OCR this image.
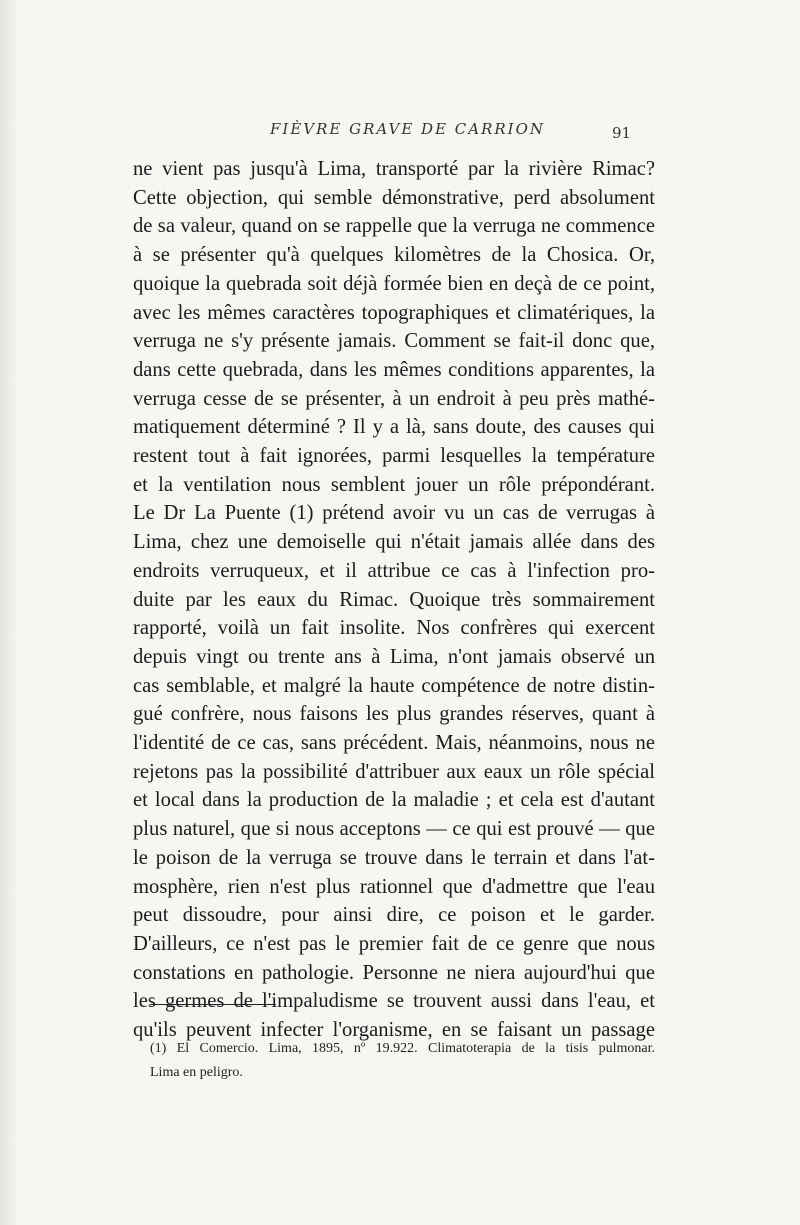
FIÈVRE GRAVE DE CARRION	91
ne vient pas jusqu'à Lima, transporté par la rivière Rimac?
Cette objection, qui semble démonstrative, perd absolument
de sa valeur, quand on se rappelle que la verruga ne commence
à se présenter qu'à quelques kilomètres de la Chosica. Or,
quoique la quebrada soit déjà formée bien en deçà de ce point,
avec les mêmes caractères topographiques et climatériques, la
verruga ne s'y présente jamais. Comment se fait-il donc que,
dans cette quebrada, dans les mêmes conditions apparentes, la
verruga cesse de se présenter, à un endroit à peu près mathé-
matiquement déterminé ? Il y a là, sans doute, des causes qui
restent tout à fait ignorées, parmi lesquelles la température
et la ventilation nous semblent jouer un rôle prépondérant.
Le Dr La Puente (1) prétend avoir vu un cas de verrugas à
Lima, chez une demoiselle qui n'était jamais allée dans des
endroits verruqueux, et il attribue ce cas à l'infection pro-
duite par les eaux du Rimac. Quoique très sommairement
rapporté, voilà un fait insolite. Nos confrères qui exercent
depuis vingt ou trente ans à Lima, n'ont jamais observé un
cas semblable, et malgré la haute compétence de notre distin-
gué confrère, nous faisons les plus grandes réserves, quant à
l'identité de ce cas, sans précédent. Mais, néanmoins, nous ne
rejetons pas la possibilité d'attribuer aux eaux un rôle spécial
et local dans la production de la maladie ; et cela est d'autant
plus naturel, que si nous acceptons — ce qui est prouvé — que
le poison de la verruga se trouve dans le terrain et dans l'at-
mosphère, rien n'est plus rationnel que d'admettre que l'eau
peut dissoudre, pour ainsi dire, ce poison et le garder.
D'ailleurs, ce n'est pas le premier fait de ce genre que nous
constations en pathologie. Personne ne niera aujourd'hui que
les germes de l'impaludisme se trouvent aussi dans l'eau, et
qu'ils peuvent infecter l'organisme, en se faisant un passage
(1) El Comercio. Lima, 1895, nº 19.922. Climatoterapia de la tisis pulmonar.
Lima en peligro.
